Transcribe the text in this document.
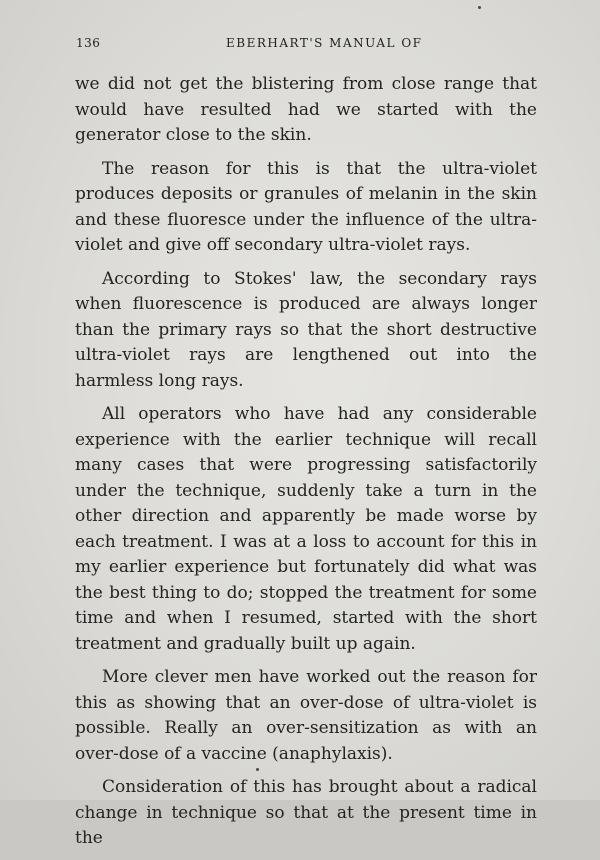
136	EBERHART'S MANUAL OF

we did not get the blistering from close range that would have resulted had we started with the generator close to the skin.

The reason for this is that the ultra-violet produces deposits or granules of melanin in the skin and these fluoresce under the influence of the ultra-violet and give off secondary ultra-violet rays.

According to Stokes' law, the secondary rays when fluorescence is produced are always longer than the primary rays so that the short destructive ultra-violet rays are lengthened out into the harmless long rays.

All operators who have had any considerable experience with the earlier technique will recall many cases that were progressing satisfactorily under the technique, suddenly take a turn in the other direction and apparently be made worse by each treatment. I was at a loss to account for this in my earlier experience but fortunately did what was the best thing to do; stopped the treatment for some time and when I resumed, started with the short treatment and gradually built up again.

More clever men have worked out the reason for this as showing that an over-dose of ultra-violet is possible. Really an over-sensitization as with an over-dose of a vaccine (anaphylaxis).

Consideration of this has brought about a radical change in technique so that at the present time in the
